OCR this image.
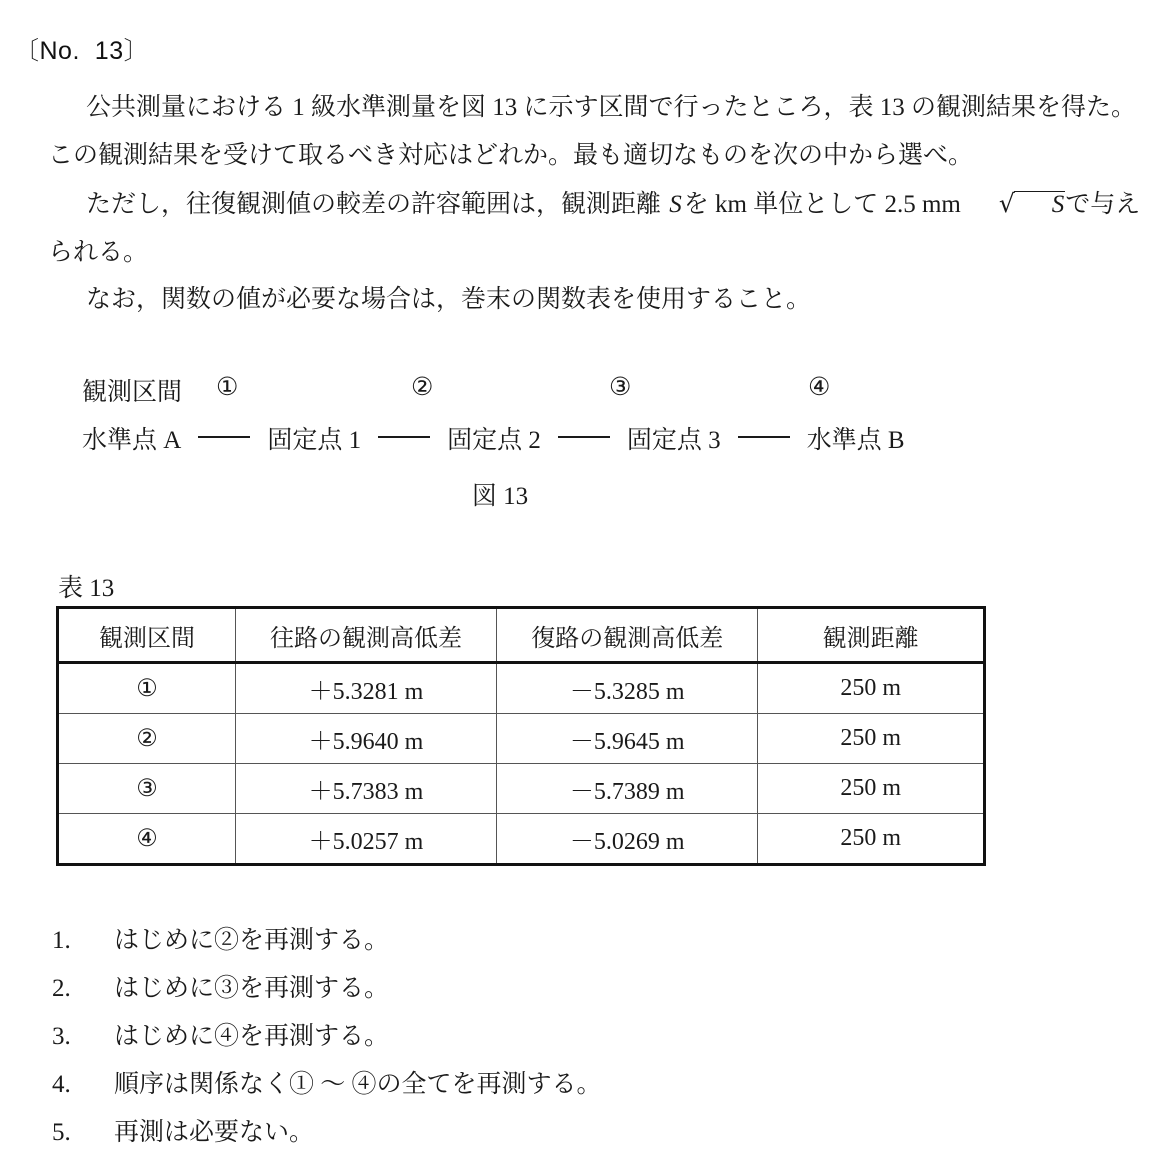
〔No.  13〕
公共測量における 1 級水準測量を図 13 に示す区間で行ったところ，表 13 の観測結果を得た。この観測結果を受けて取るべき対応はどれか。最も適切なものを次の中から選べ。
ただし，往復観測値の較差の許容範囲は，観測距離 Sを km 単位として 2.5 mm √ Sで与えられる。
なお，関数の値が必要な場合は，巻末の関数表を使用すること。
観測区間 ①	②	③	④
水準点 A	固定点 1	固定点 2	固定点 3	水準点 B
図 13
表 13
観測区間	往路の観測高低差	復路の観測高低差	観測距離
①	＋5.3281 m	－5.3285 m	250 m
②	＋5.9640 m	－5.9645 m	250 m
③	＋5.7383 m	－5.7389 m	250 m
④	＋5.0257 m	－5.0269 m	250 m
1.	はじめに②を再測する。
2.	はじめに③を再測する。
3.	はじめに④を再測する。
4.	順序は関係なく① 〜 ④の全てを再測する。
5.	再測は必要ない。
